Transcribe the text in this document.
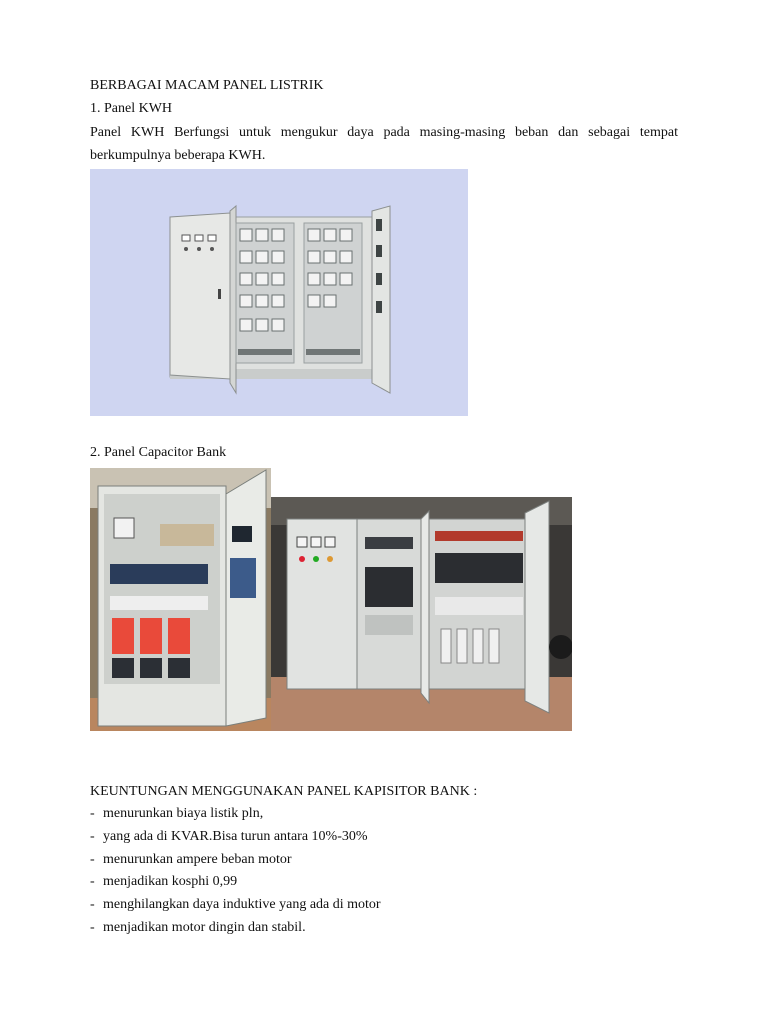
BERBAGAI MACAM PANEL LISTRIK
1. Panel KWH
Panel KWH Berfungsi untuk mengukur daya pada masing-masing beban dan sebagai tempat berkumpulnya beberapa KWH.
2. Panel Capacitor Bank
KEUNTUNGAN MENGGUNAKAN PANEL KAPISITOR BANK :
- menurunkan biaya listik pln,
- yang ada di KVAR.Bisa turun antara 10%-30%
- menurunkan ampere beban motor
- menjadikan kosphi 0,99
- menghilangkan daya induktive yang ada di motor
- menjadikan motor dingin dan stabil.
